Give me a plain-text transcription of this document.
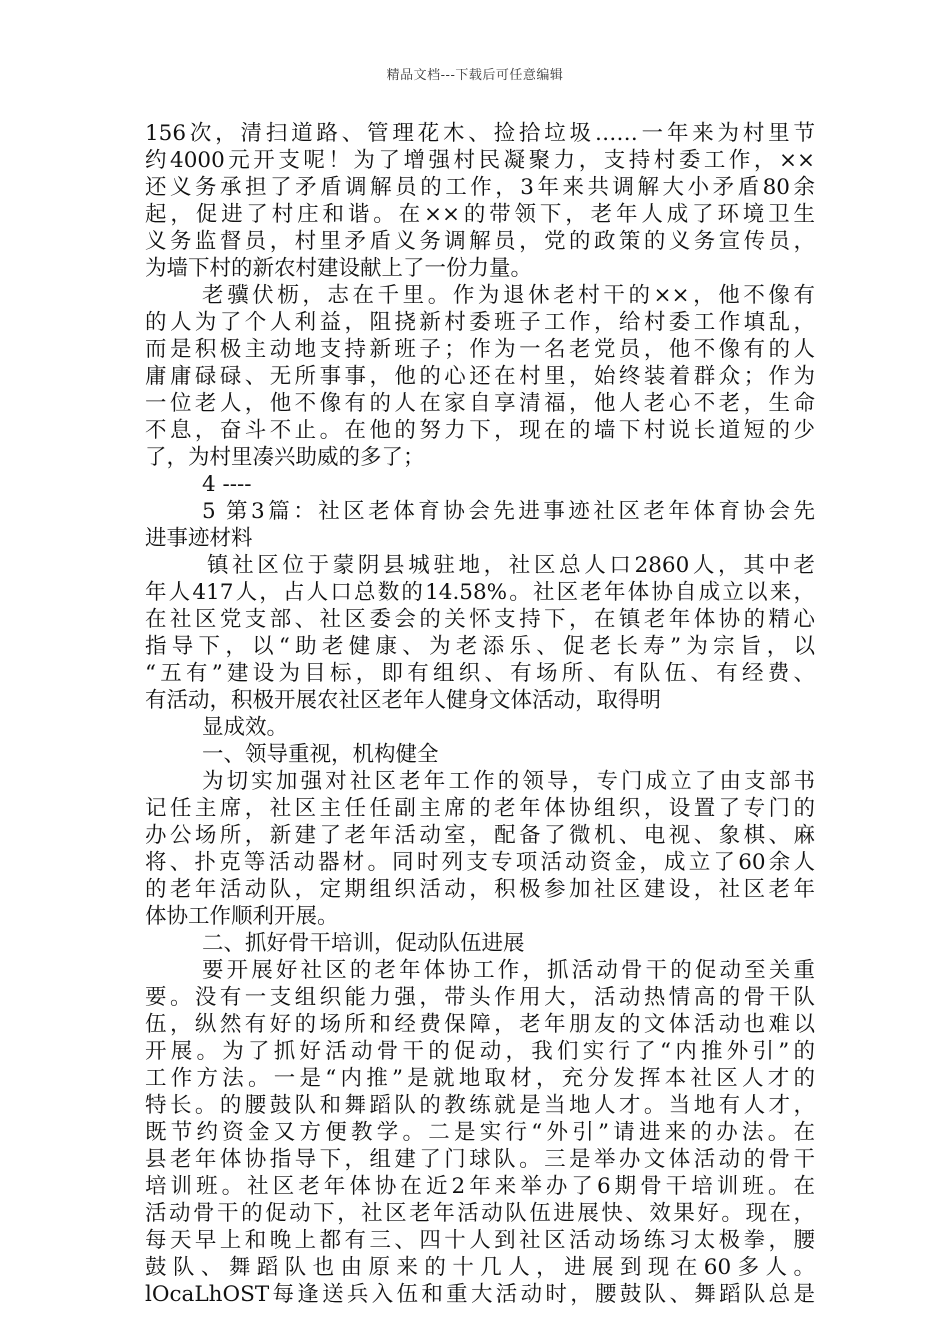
精品文档---下载后可任意编辑
156次，清扫道路、管理花木、捡拾垃圾……一年来为村里节
约4000元开支呢！为了增强村民凝聚力，支持村委工作，××
还义务承担了矛盾调解员的工作，3年来共调解大小矛盾80余
起，促进了村庄和谐。在××的带领下，老年人成了环境卫生
义务监督员，村里矛盾义务调解员，党的政策的义务宣传员，
为墙下村的新农村建设献上了一份力量。
老骥伏枥，志在千里。作为退休老村干的××，他不像有
的人为了个人利益，阻挠新村委班子工作，给村委工作填乱，
而是积极主动地支持新班子；作为一名老党员，他不像有的人
庸庸碌碌、无所事事，他的心还在村里，始终装着群众；作为
一位老人，他不像有的人在家自享清福，他人老心不老，生命
不息，奋斗不止。在他的努力下，现在的墙下村说长道短的少
了，为村里凑兴助威的多了；
4 ----
5 第3篇：社区老体育协会先进事迹社区老年体育协会先
进事迹材料
镇社区位于蒙阴县城驻地，社区总人口2860人，其中老
年人417人，占人口总数的14.58%。社区老年体协自成立以来，
在社区党支部、社区委会的关怀支持下，在镇老年体协的精心
指导下，以“助老健康、为老添乐、促老长寿”为宗旨，以
“五有”建设为目标，即有组织、有场所、有队伍、有经费、
有活动，积极开展农社区老年人健身文体活动，取得明
显成效。
一、领导重视，机构健全
为切实加强对社区老年工作的领导，专门成立了由支部书
记任主席，社区主任任副主席的老年体协组织，设置了专门的
办公场所，新建了老年活动室，配备了微机、电视、象棋、麻
将、扑克等活动器材。同时列支专项活动资金，成立了60余人
的老年活动队，定期组织活动，积极参加社区建设，社区老年
体协工作顺利开展。
二、抓好骨干培训，促动队伍进展
要开展好社区的老年体协工作，抓活动骨干的促动至关重
要。没有一支组织能力强，带头作用大，活动热情高的骨干队
伍，纵然有好的场所和经费保障，老年朋友的文体活动也难以
开展。为了抓好活动骨干的促动，我们实行了“内推外引”的
工作方法。一是“内推”是就地取材，充分发挥本社区人才的
特长。的腰鼓队和舞蹈队的教练就是当地人才。当地有人才，
既节约资金又方便教学。二是实行“外引”请进来的办法。在
县老年体协指导下，组建了门球队。三是举办文体活动的骨干
培训班。社区老年体协在近2年来举办了6期骨干培训班。在
活动骨干的促动下，社区老年活动队伍进展快、效果好。现在，
每天早上和晚上都有三、四十人到社区活动场练习太极拳，腰
鼓队、舞蹈队也由原来的十几人，进展到现在60多人。
lOcaLhOST每逢送兵入伍和重大活动时，腰鼓队、舞蹈队总是
